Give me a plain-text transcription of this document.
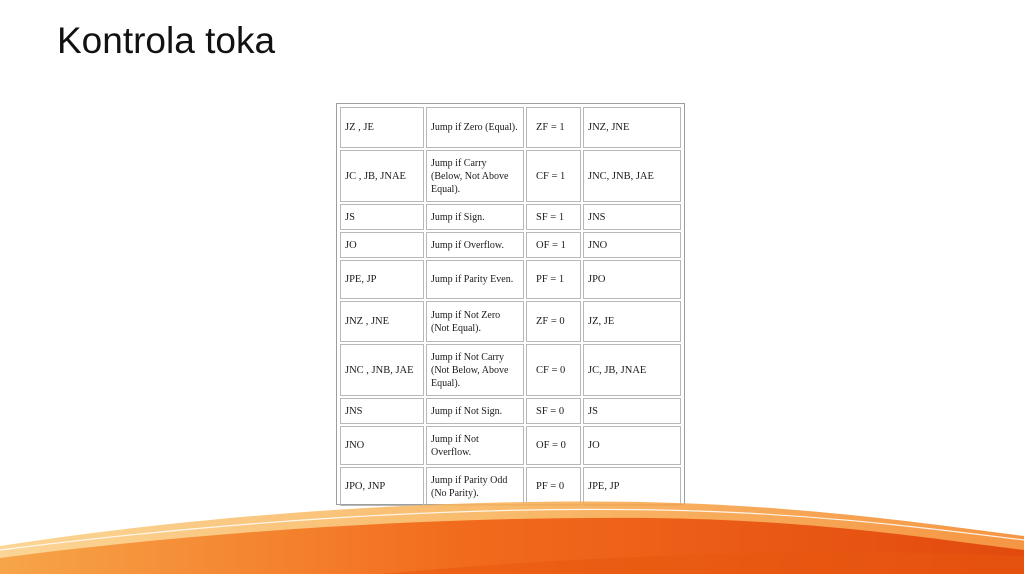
Kontrola toka
JZ , JE	Jump if Zero (Equal).	ZF = 1	JNZ, JNE
JC , JB, JNAE	Jump if Carry (Below, Not Above Equal).	CF = 1	JNC, JNB, JAE
JS	Jump if Sign.	SF = 1	JNS
JO	Jump if Overflow.	OF = 1	JNO
JPE, JP	Jump if Parity Even.	PF = 1	JPO
JNZ , JNE	Jump if Not Zero (Not Equal).	ZF = 0	JZ, JE
JNC , JNB, JAE	Jump if Not Carry (Not Below, Above Equal).	CF = 0	JC, JB, JNAE
JNS	Jump if Not Sign.	SF = 0	JS
JNO	Jump if Not Overflow.	OF = 0	JO
JPO, JNP	Jump if Parity Odd (No Parity).	PF = 0	JPE, JP
